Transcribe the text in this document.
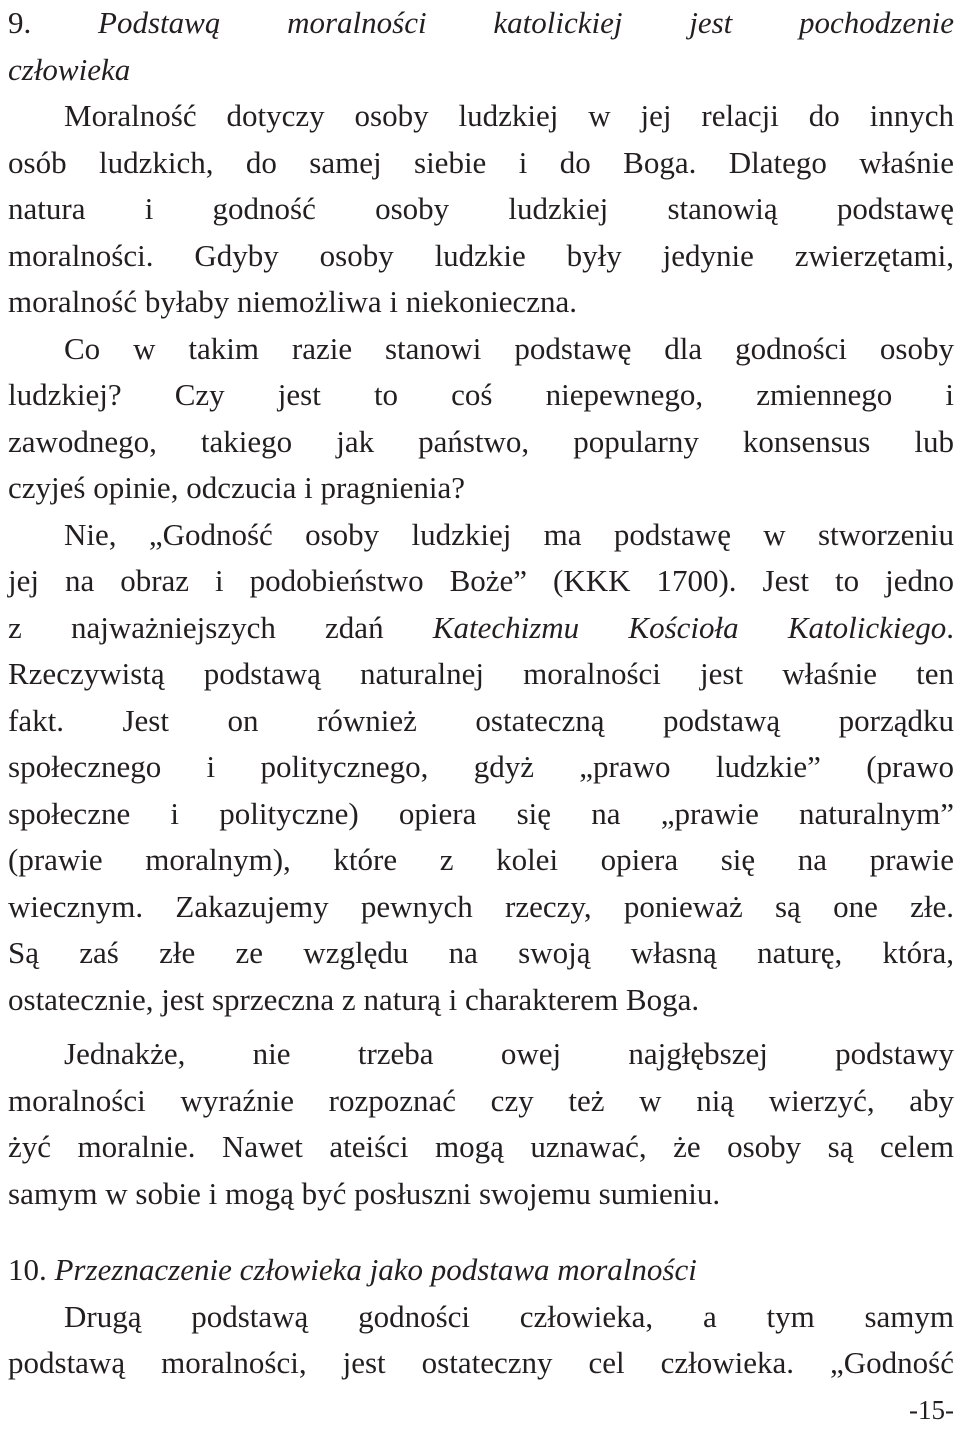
9. Podstawą moralności katolickiej jest pochodzenie
człowieka
Moralność dotyczy osoby ludzkiej w jej relacji do innych
osób ludzkich, do samej siebie i do Boga. Dlatego właśnie
natura i godność osoby ludzkiej stanowią podstawę
moralności. Gdyby osoby ludzkie były jedynie zwierzętami,
moralność byłaby niemożliwa i niekonieczna.
Co w takim razie stanowi podstawę dla godności osoby
ludzkiej? Czy jest to coś niepewnego, zmiennego i
zawodnego, takiego jak państwo, popularny konsensus lub
czyjeś opinie, odczucia i pragnienia?
Nie, „Godność osoby ludzkiej ma podstawę w stworzeniu
jej na obraz i podobieństwo Boże” (KKK 1700). Jest to jedno
z najważniejszych zdań Katechizmu Kościoła Katolickiego.
Rzeczywistą podstawą naturalnej moralności jest właśnie ten
fakt. Jest on również ostateczną podstawą porządku
społecznego i politycznego, gdyż „prawo ludzkie” (prawo
społeczne i polityczne) opiera się na „prawie naturalnym”
(prawie moralnym), które z kolei opiera się na prawie
wiecznym. Zakazujemy pewnych rzeczy, ponieważ są one złe.
Są zaś złe ze względu na swoją własną naturę, która,
ostatecznie, jest sprzeczna z naturą i charakterem Boga.
Jednakże, nie trzeba owej najgłębszej podstawy
moralności wyraźnie rozpoznać czy też w nią wierzyć, aby
żyć moralnie. Nawet ateiści mogą uznawać, że osoby są celem
samym w sobie i mogą być posłuszni swojemu sumieniu.
10. Przeznaczenie człowieka jako podstawa moralności
Drugą podstawą godności człowieka, a tym samym
podstawą moralności, jest ostateczny cel człowieka. „Godność
-15-
